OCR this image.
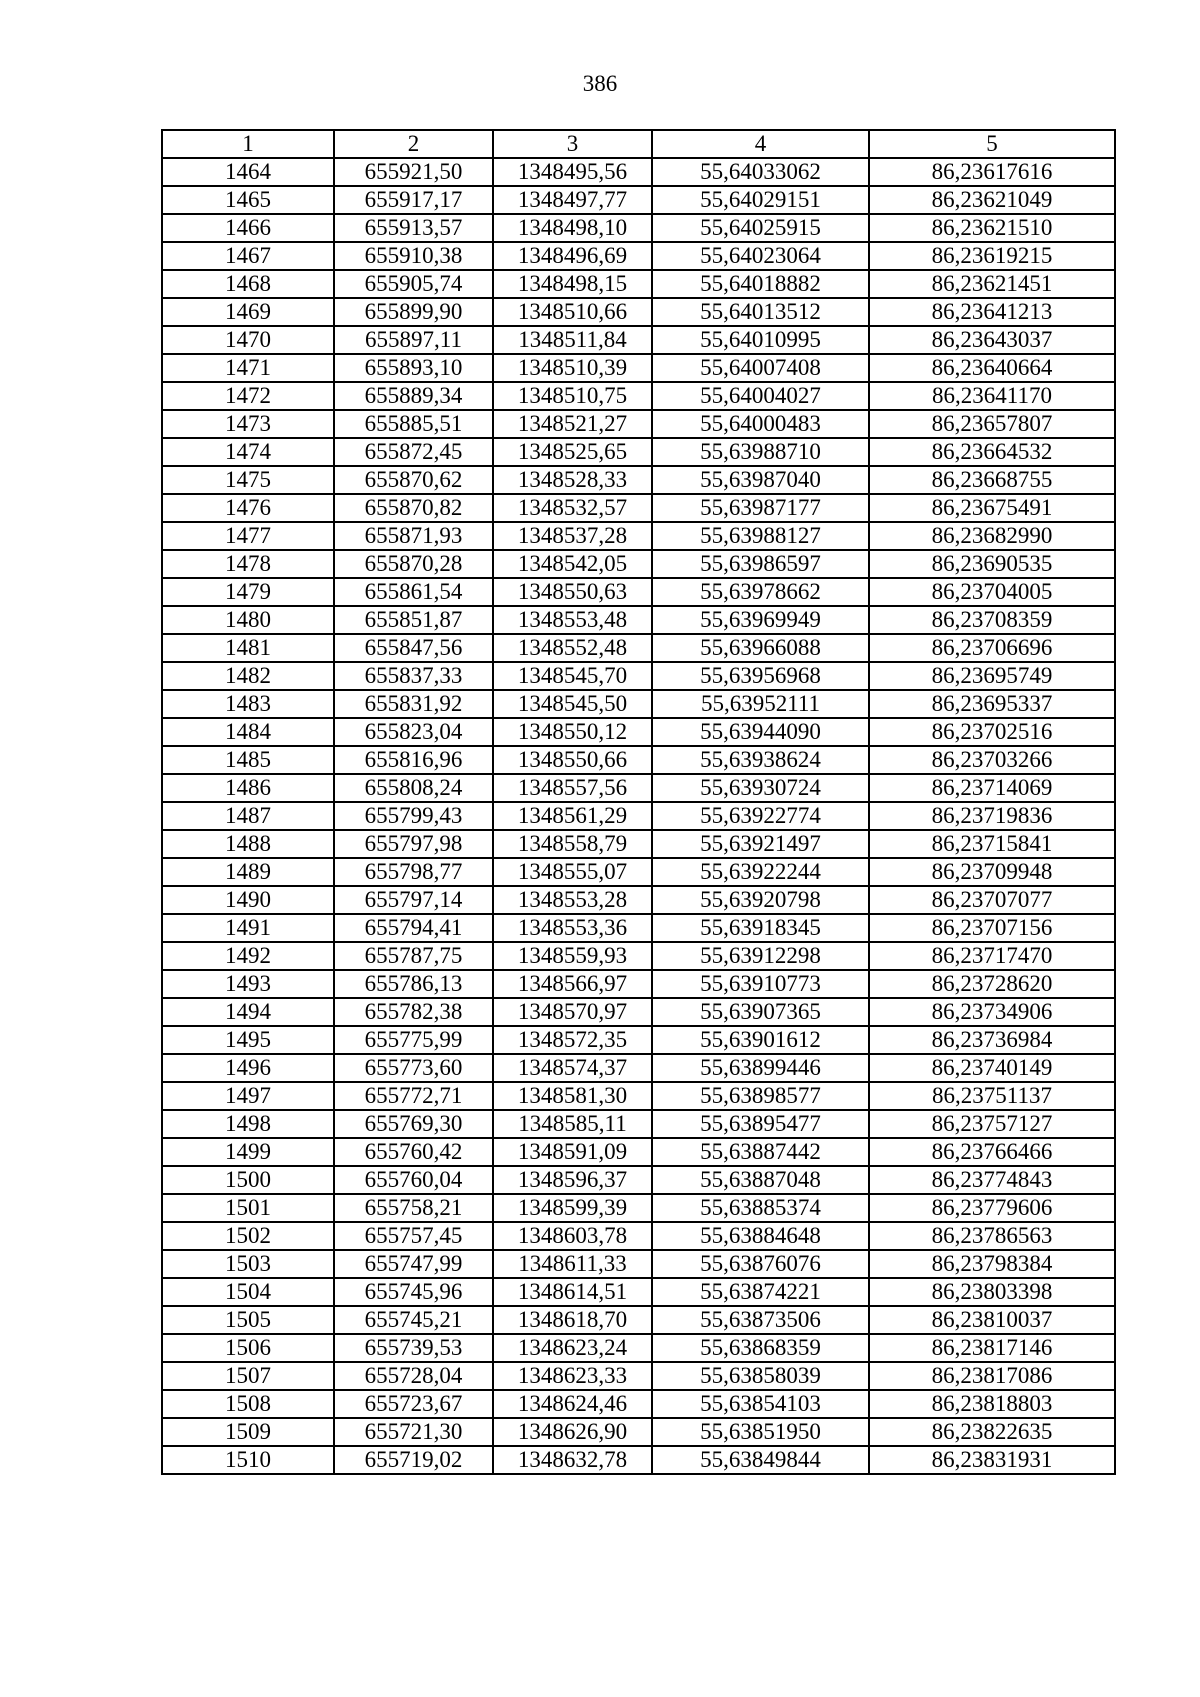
386
1	2	3	4	5
1464	655921,50	1348495,56	55,64033062	86,23617616
1465	655917,17	1348497,77	55,64029151	86,23621049
1466	655913,57	1348498,10	55,64025915	86,23621510
1467	655910,38	1348496,69	55,64023064	86,23619215
1468	655905,74	1348498,15	55,64018882	86,23621451
1469	655899,90	1348510,66	55,64013512	86,23641213
1470	655897,11	1348511,84	55,64010995	86,23643037
1471	655893,10	1348510,39	55,64007408	86,23640664
1472	655889,34	1348510,75	55,64004027	86,23641170
1473	655885,51	1348521,27	55,64000483	86,23657807
1474	655872,45	1348525,65	55,63988710	86,23664532
1475	655870,62	1348528,33	55,63987040	86,23668755
1476	655870,82	1348532,57	55,63987177	86,23675491
1477	655871,93	1348537,28	55,63988127	86,23682990
1478	655870,28	1348542,05	55,63986597	86,23690535
1479	655861,54	1348550,63	55,63978662	86,23704005
1480	655851,87	1348553,48	55,63969949	86,23708359
1481	655847,56	1348552,48	55,63966088	86,23706696
1482	655837,33	1348545,70	55,63956968	86,23695749
1483	655831,92	1348545,50	55,63952111	86,23695337
1484	655823,04	1348550,12	55,63944090	86,23702516
1485	655816,96	1348550,66	55,63938624	86,23703266
1486	655808,24	1348557,56	55,63930724	86,23714069
1487	655799,43	1348561,29	55,63922774	86,23719836
1488	655797,98	1348558,79	55,63921497	86,23715841
1489	655798,77	1348555,07	55,63922244	86,23709948
1490	655797,14	1348553,28	55,63920798	86,23707077
1491	655794,41	1348553,36	55,63918345	86,23707156
1492	655787,75	1348559,93	55,63912298	86,23717470
1493	655786,13	1348566,97	55,63910773	86,23728620
1494	655782,38	1348570,97	55,63907365	86,23734906
1495	655775,99	1348572,35	55,63901612	86,23736984
1496	655773,60	1348574,37	55,63899446	86,23740149
1497	655772,71	1348581,30	55,63898577	86,23751137
1498	655769,30	1348585,11	55,63895477	86,23757127
1499	655760,42	1348591,09	55,63887442	86,23766466
1500	655760,04	1348596,37	55,63887048	86,23774843
1501	655758,21	1348599,39	55,63885374	86,23779606
1502	655757,45	1348603,78	55,63884648	86,23786563
1503	655747,99	1348611,33	55,63876076	86,23798384
1504	655745,96	1348614,51	55,63874221	86,23803398
1505	655745,21	1348618,70	55,63873506	86,23810037
1506	655739,53	1348623,24	55,63868359	86,23817146
1507	655728,04	1348623,33	55,63858039	86,23817086
1508	655723,67	1348624,46	55,63854103	86,23818803
1509	655721,30	1348626,90	55,63851950	86,23822635
1510	655719,02	1348632,78	55,63849844	86,23831931
